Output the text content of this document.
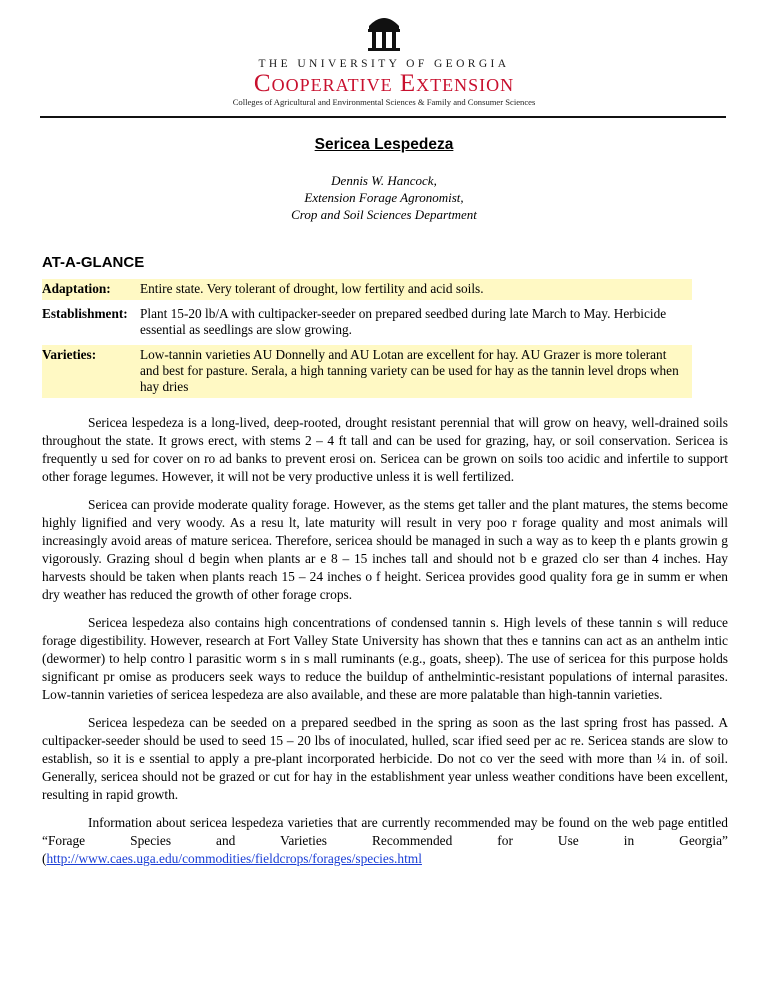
THE UNIVERSITY OF GEORGIA
Cooperative Extension
Colleges of Agricultural and Environmental Sciences & Family and Consumer Sciences
Sericea Lespedeza
Dennis W. Hancock,
Extension Forage Agronomist,
Crop and Soil Sciences Department
AT-A-GLANCE
Adaptation:	Entire state. Very tolerant of drought, low fertility and acid soils.
Establishment:	Plant 15-20 lb/A with cultipacker-seeder on prepared seedbed during late March to May. Herbicide essential as seedlings are slow growing.
Varieties:	Low-tannin varieties AU Donnelly and AU Lotan are excellent for hay. AU Grazer is more tolerant and best for pasture. Serala, a high tanning variety can be used for hay as the tannin level drops when hay dries

Sericea lespedeza is a long-lived, deep-rooted, drought resistant perennial that will grow on heavy, well-drained soils throughout the state. It grows erect, with stems 2 – 4 ft tall and can be used for grazing, hay, or soil conservation. Sericea is frequently u sed for cover on ro ad banks to prevent erosi on. Sericea can be grown on soils too acidic and infertile to support other forage legumes. However, it will not be very productive unless it is well fertilized.

Sericea can provide moderate quality forage. However, as the stems get taller and the plant matures, the stems become highly lignified and very woody. As a resu lt, late maturity will result in very poo r forage quality and most animals will increasingly avoid areas of mature sericea. Therefore, sericea should be managed in such a way as to keep th e plants growin g vigorously. Grazing shoul d begin when plants ar e 8 – 15 inches tall and should not b e grazed clo ser than 4 inches. Hay harvests should be taken when plants reach 15 – 24 inches o f height. Sericea provides good quality fora ge in summ er when dry weather has reduced the growth of other forage crops.

Sericea lespedeza also contains high concentrations of condensed tannin s. High levels of these tannin s will reduce forage digestibility. However, research at Fort Valley State University has shown that thes e tannins can act as an anthelm intic (dewormer) to help contro l parasitic worm s in s mall ruminants (e.g., goats, sheep). The use of sericea for this purpose holds significant pr omise as producers seek ways to reduce the buildup of anthelmintic-resistant populations of internal parasites. Low-tannin varieties of sericea lespedeza are also available, and these are more palatable than high-tannin varieties.

Sericea lespedeza can be seeded on a prepared seedbed in the spring as soon as the last spring frost has passed. A cultipacker-seeder should be used to seed 15 – 20 lbs of inoculated, hulled, scar ified seed per ac re. Sericea stands are slow to establish, so it is e ssential to apply a pre-plant incorporated herbicide. Do not co ver the seed with more than ¼ in. of soil. Generally, sericea should not be grazed or cut for hay in the establishment year unless weather conditions have been excellent, resulting in rapid growth.

Information about sericea lespedeza varieties that are currently recommended may be found on the web page entitled “Forage Species and Varieties Recommended for Use in Georgia” (http://www.caes.uga.edu/commodities/fieldcrops/forages/species.html
